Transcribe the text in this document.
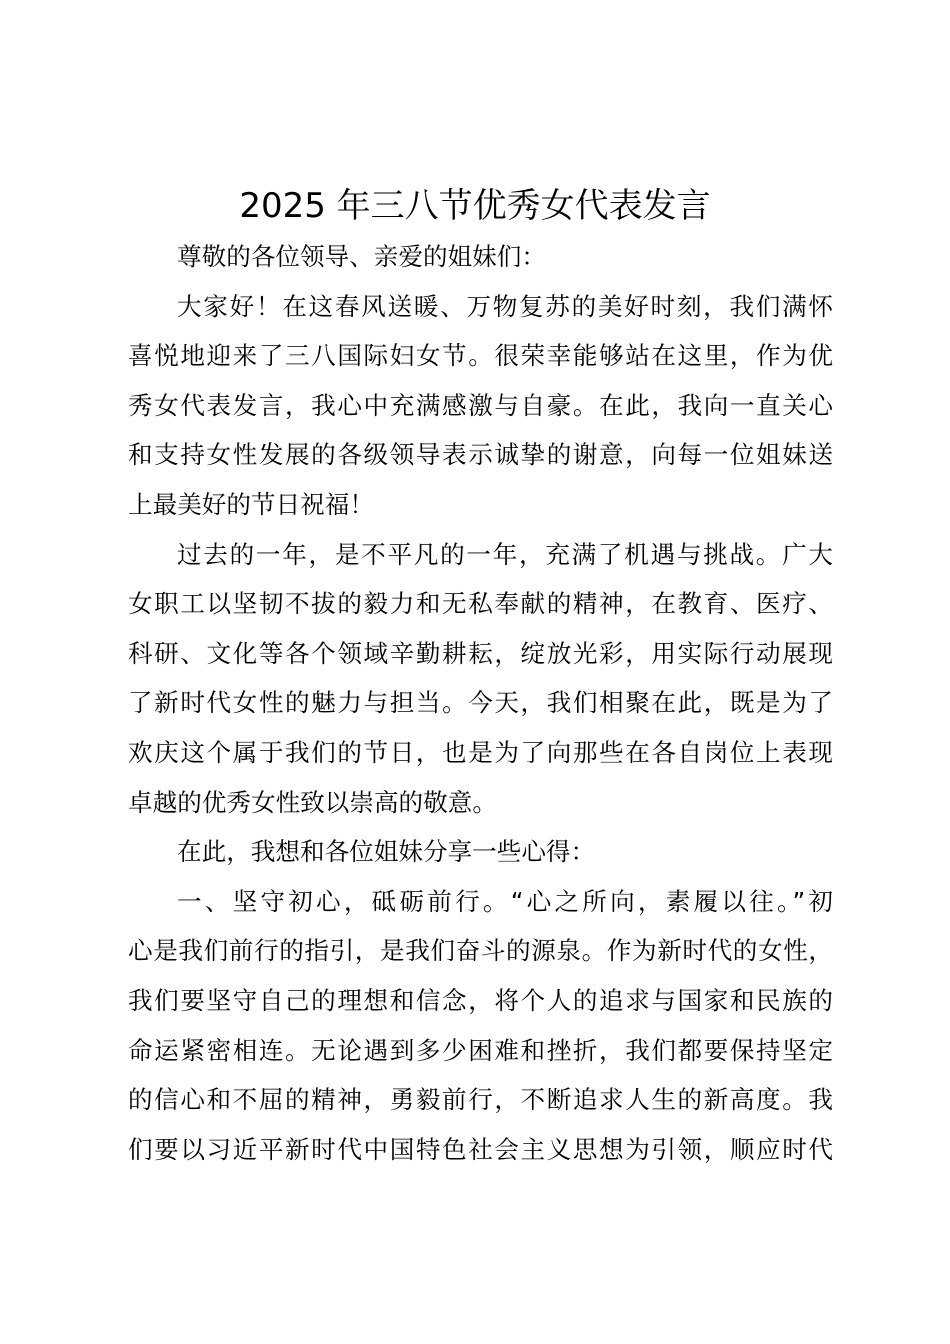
2025 年三八节优秀女代表发言
尊敬的各位领导、亲爱的姐妹们：
大家好！在这春风送暖、万物复苏的美好时刻，我们满怀
喜悦地迎来了三八国际妇女节。很荣幸能够站在这里，作为优
秀女代表发言，我心中充满感激与自豪。在此，我向一直关心
和支持女性发展的各级领导表示诚挚的谢意，向每一位姐妹送
上最美好的节日祝福！
过去的一年，是不平凡的一年，充满了机遇与挑战。广大
女职工以坚韧不拔的毅力和无私奉献的精神，在教育、医疗、
科研、文化等各个领域辛勤耕耘，绽放光彩，用实际行动展现
了新时代女性的魅力与担当。今天，我们相聚在此，既是为了
欢庆这个属于我们的节日，也是为了向那些在各自岗位上表现
卓越的优秀女性致以崇高的敬意。
在此，我想和各位姐妹分享一些心得：
一、坚守初心，砥砺前行。“心之所向，素履以往。”初
心是我们前行的指引，是我们奋斗的源泉。作为新时代的女性，
我们要坚守自己的理想和信念，将个人的追求与国家和民族的
命运紧密相连。无论遇到多少困难和挫折，我们都要保持坚定
的信心和不屈的精神，勇毅前行，不断追求人生的新高度。我
们要以习近平新时代中国特色社会主义思想为引领，顺应时代
